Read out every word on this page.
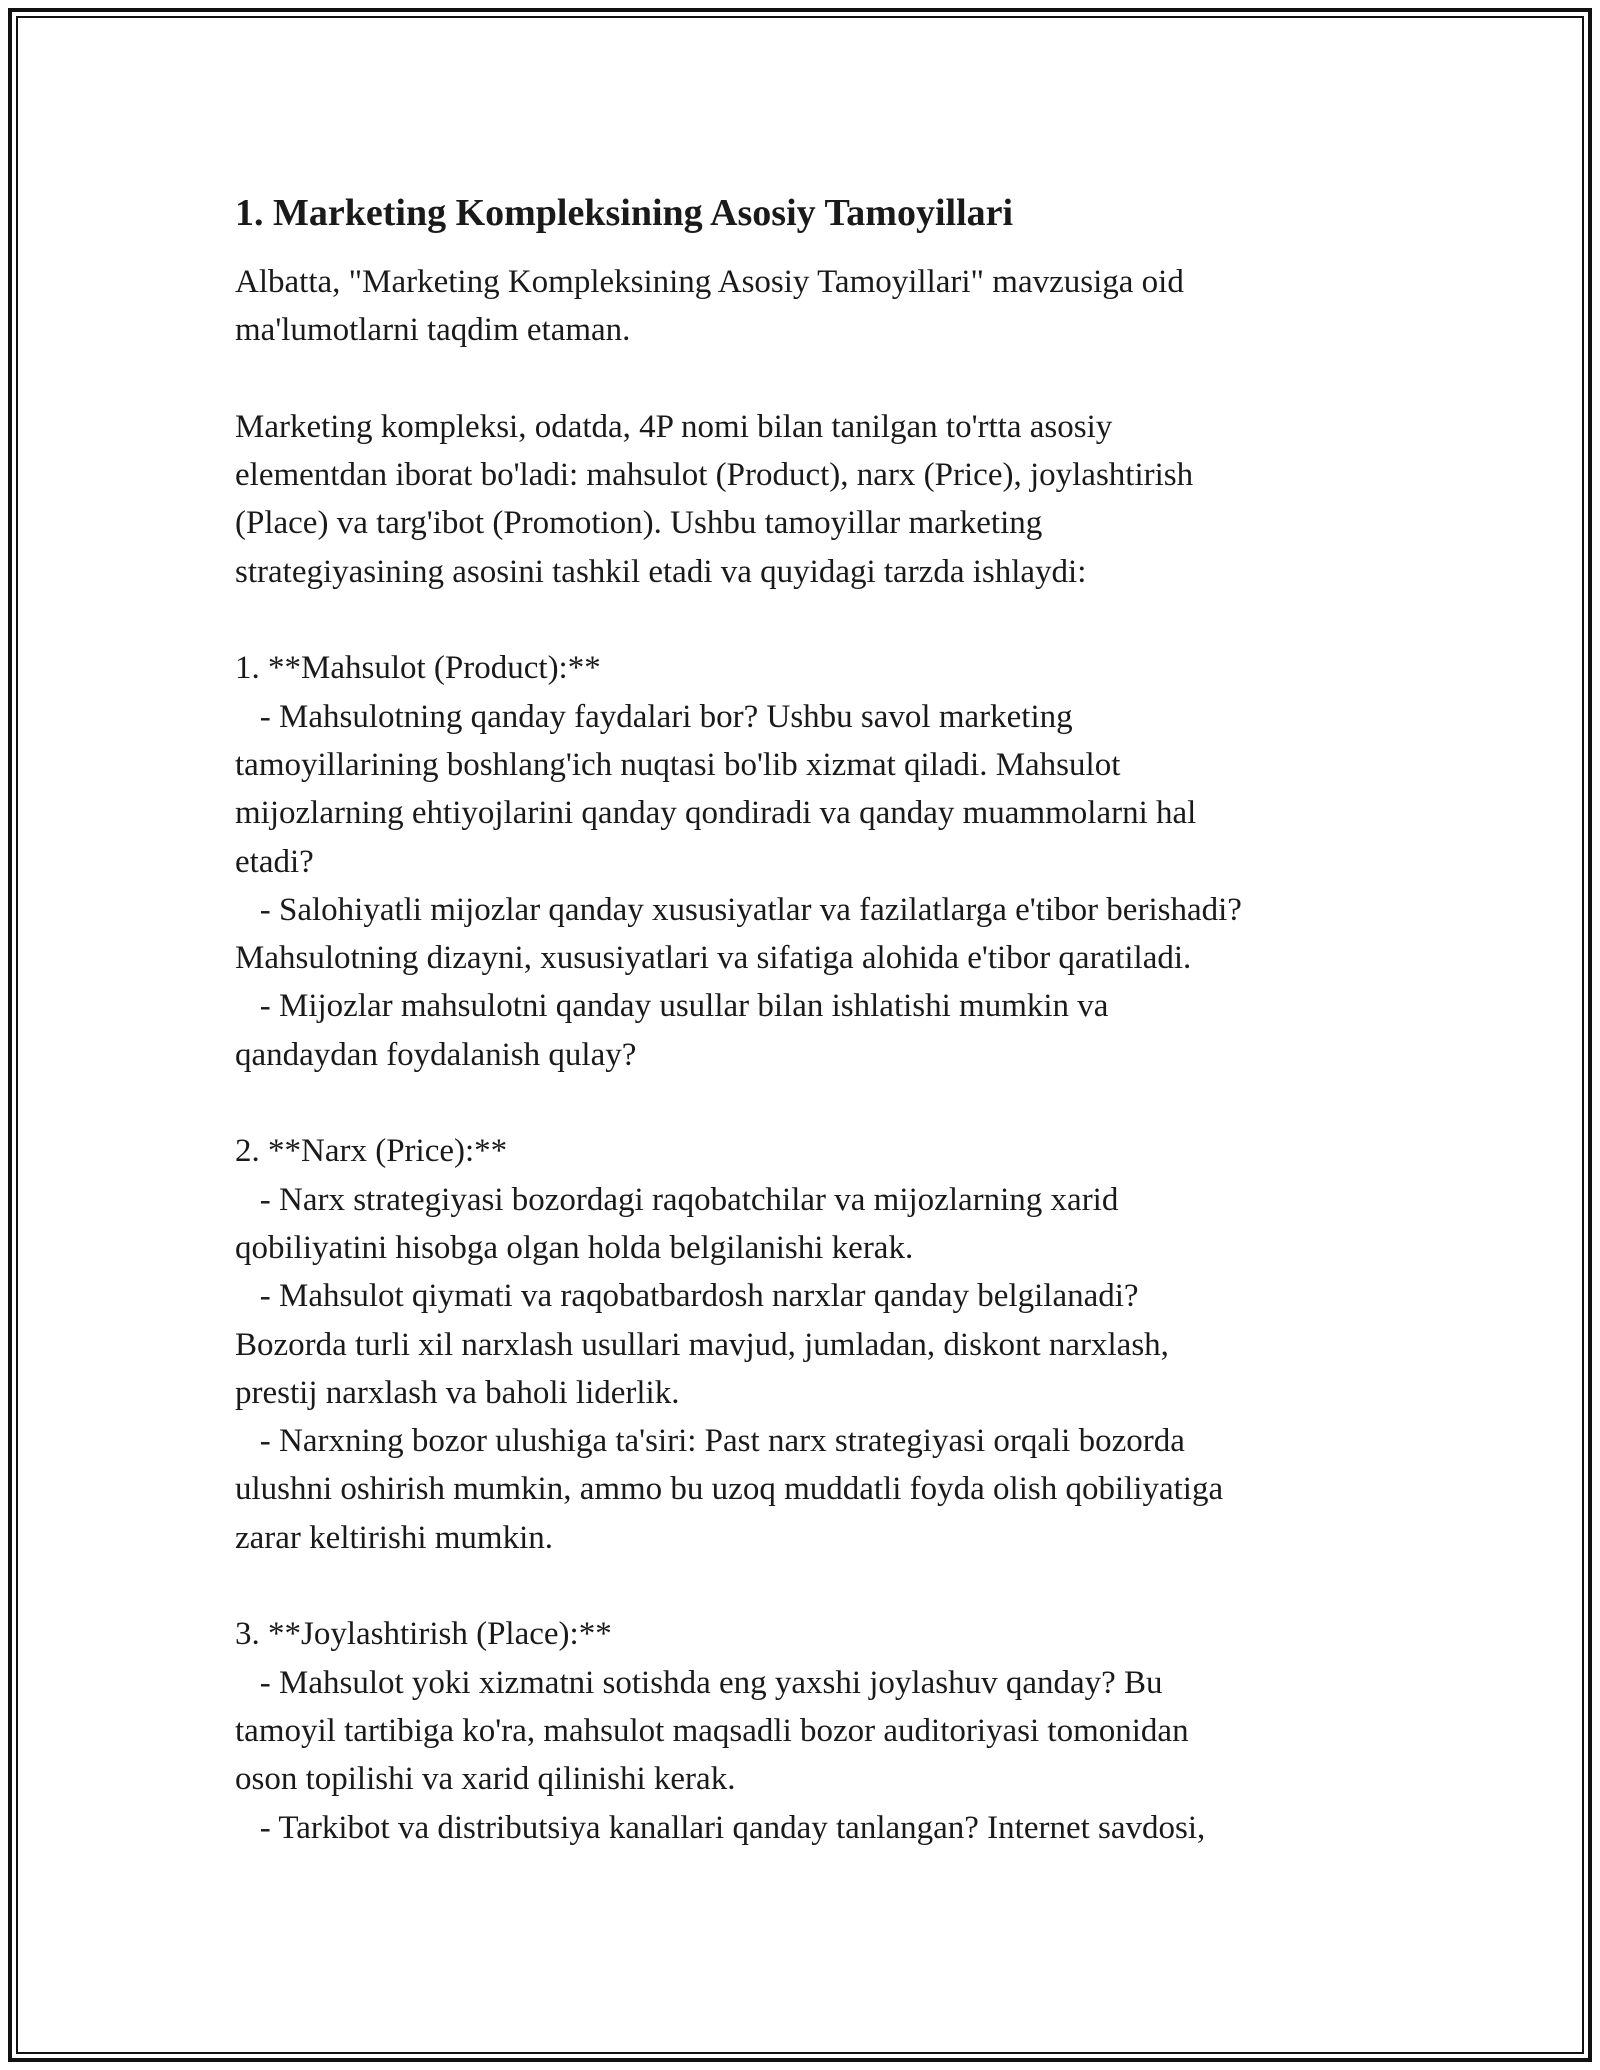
1. Marketing Kompleksining Asosiy Tamoyillari

Albatta, "Marketing Kompleksining Asosiy Tamoyillari" mavzusiga oid

ma'lumotlarni taqdim etaman.

Marketing kompleksi, odatda, 4P nomi bilan tanilgan to'rtta asosiy

elementdan iborat bo'ladi: mahsulot (Product), narx (Price), joylashtirish

(Place) va targ'ibot (Promotion). Ushbu tamoyillar marketing

strategiyasining asosini tashkil etadi va quyidagi tarzda ishlaydi:

1. **Mahsulot (Product):**

- Mahsulotning qanday faydalari bor? Ushbu savol marketing

tamoyillarining boshlang'ich nuqtasi bo'lib xizmat qiladi. Mahsulot

mijozlarning ehtiyojlarini qanday qondiradi va qanday muammolarni hal

etadi?

- Salohiyatli mijozlar qanday xususiyatlar va fazilatlarga e'tibor berishadi?

Mahsulotning dizayni, xususiyatlari va sifatiga alohida e'tibor qaratiladi.

- Mijozlar mahsulotni qanday usullar bilan ishlatishi mumkin va

qandaydan foydalanish qulay?

2. **Narx (Price):**

- Narx strategiyasi bozordagi raqobatchilar va mijozlarning xarid

qobiliyatini hisobga olgan holda belgilanishi kerak.

- Mahsulot qiymati va raqobatbardosh narxlar qanday belgilanadi?

Bozorda turli xil narxlash usullari mavjud, jumladan, diskont narxlash,

prestij narxlash va baholi liderlik.

- Narxning bozor ulushiga ta'siri: Past narx strategiyasi orqali bozorda

ulushni oshirish mumkin, ammo bu uzoq muddatli foyda olish qobiliyatiga

zarar keltirishi mumkin.

3. **Joylashtirish (Place):**

- Mahsulot yoki xizmatni sotishda eng yaxshi joylashuv qanday? Bu

tamoyil tartibiga ko'ra, mahsulot maqsadli bozor auditoriyasi tomonidan

oson topilishi va xarid qilinishi kerak.

- Tarkibot va distributsiya kanallari qanday tanlangan? Internet savdosi,
